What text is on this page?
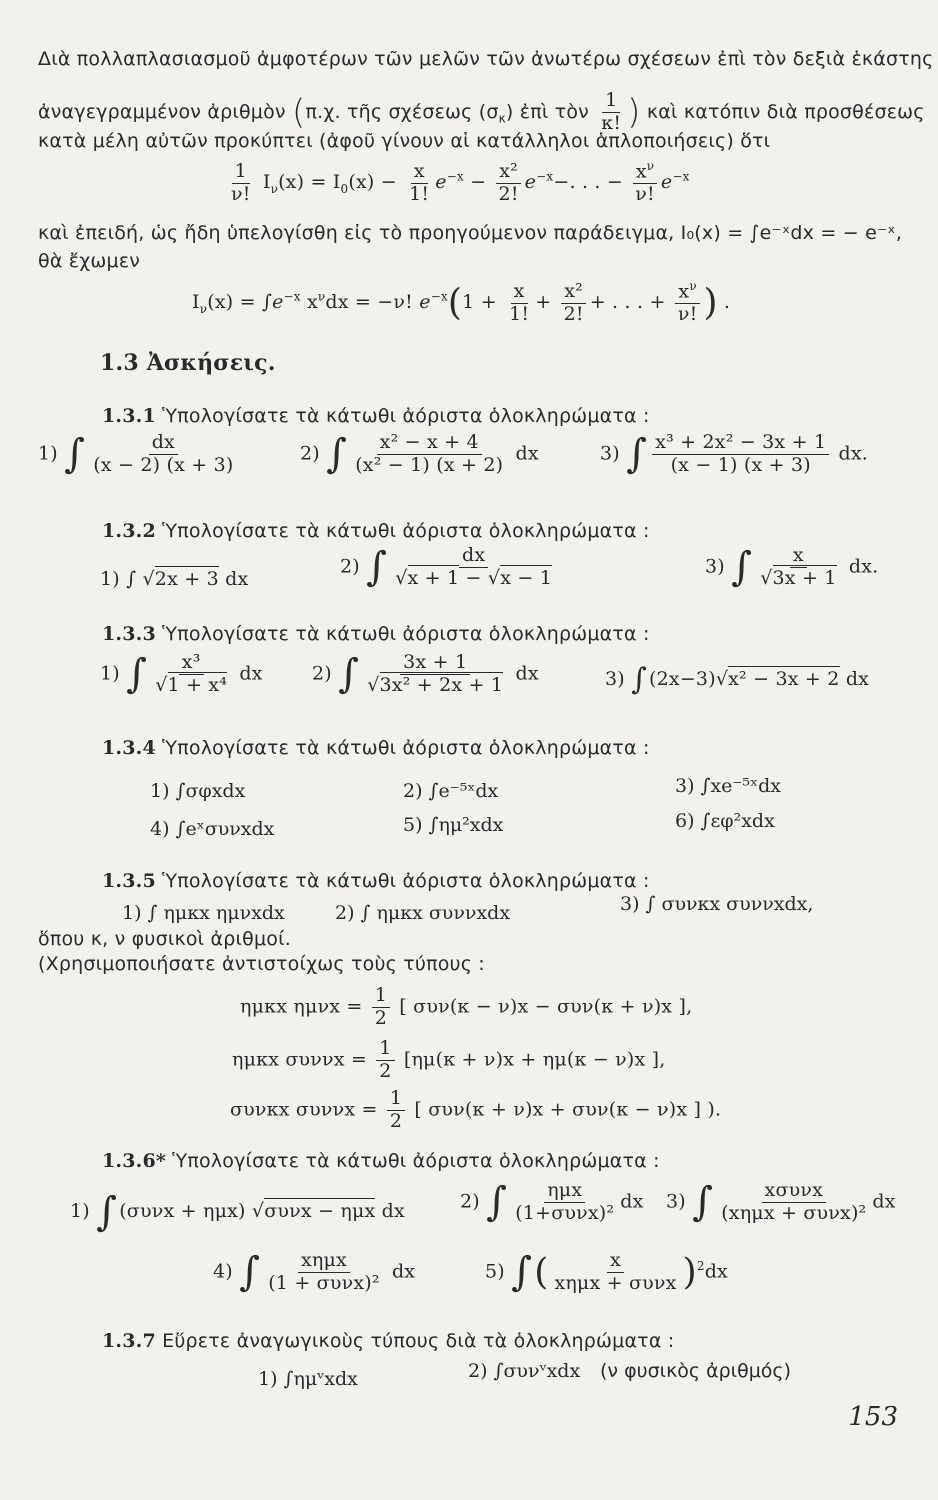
Διὰ πολλαπλασιασμοῦ ἀμφοτέρων τῶν μελῶν τῶν ἀνωτέρω σχέσεων ἐπὶ τὸν δεξιὰ ἑκάστης
ἀναγεγραμμένον ἀριθμὸν (π.χ. τῆς σχέσεως $(\sigma_\kappa)$ ἐπὶ τὸν $\frac{1}{\kappa!}$ ) καὶ κατόπιν διὰ προσθέσεως
κατὰ μέλη αὐτῶν προκύπτει (ἀφοῦ γίνουν αἱ κατάλληλοι ἁπλοποιήσεις) ὅτι
$\frac{1}{\nu!} I_\nu(x) = I_0(x) - \frac{x}{1!} e^{-x} - \frac{\text{x²}}{2!} e^{-x}-$. . . − $\frac{x^\nu}{\nu!} e^{-x}$
καὶ ἐπειδή, ὡς ἤδη ὑπελογίσθη εἰς τὸ προηγούμενον παράδειγμα, I₀(x) = ∫e⁻ˣdx = − e⁻ˣ,
θὰ ἔχωμεν
$I_\nu(x) = \int e^{-x}$ $x^\nu dx = -\nu$! $e^{-x}(1 + \frac{x}{1!} + \frac{\text{x²}}{2!}$ + . . . + $\frac{x^\nu}{\nu!}$ ) .
1.3 Ἀσκήσεις.
1.3.1 Ὑπολογίσατε τὰ κάτωθι ἀόριστα ὁλοκληρώματα :
1) ∫ $\frac{dx}{(x - 2) (x + 3)}$	2) ∫ $\frac{\text{x² − x + 4}}{\text{(x² − 1) (x + 2)}}$ dx	3) ∫ $\frac{\text{x³ + 2x² − 3x + 1}}{(x - 1) (x + 3)}$ dx.
1.3.2 Ὑπολογίσατε τὰ κάτωθι ἀόριστα ὁλοκληρώματα :
1) ∫ √2x + 3 dx
2) ∫ $\frac{dx}{√x + 1 - √x - 1}$	3) ∫ $\frac{x}{√3x + 1}$ dx.
1.3.3 Ὑπολογίσατε τὰ κάτωθι ἀόριστα ὁλοκληρώματα :
1) ∫ $\frac{\text{x³}}{\text{√1 + x⁴}}$ dx	2) ∫ $\frac{3x + 1}{\text{√3x² + 2x + 1}}$ dx	3) ∫ (2x−3)√x² − 3x + 2 dx
1.3.4 Ὑπολογίσατε τὰ κάτωθι ἀόριστα ὁλοκληρώματα :
1) ∫σφxdx	2) ∫e⁻⁵ˣdx	3) ∫xe⁻⁵ˣdx
4) ∫eˣσυνxdx	5) ∫ημ²xdx	6) ∫εφ²xdx
1.3.5 Ὑπολογίσατε τὰ κάτωθι ἀόριστα ὁλοκληρώματα :
1) ∫ ημκx ημνxdx	2) ∫ ημκx συννxdx	3) ∫ συνκx συννxdx,
ὅπου κ, ν φυσικοὶ ἀριθμοί.
(Χρησιμοποιήσατε ἀντιστοίχως τοὺς τύπους :
ημκx $\eta\mu\nu x = \frac{1}{2}$ [ συν(κ − ν)x − συν(κ + ν)x ],
ημκx $\sigma\upsilon\nu\nu x = \frac{1}{2} [\eta\mu(\kappa + \nu)x + \eta\mu(\kappa - \nu)x$ ],
συνκx $\sigma\upsilon\nu\nu x = \frac{1}{2}$ [ συν(κ + ν)x + συν(κ − ν)x ] ).
1.3.6* Ὑπολογίσατε τὰ κάτωθι ἀόριστα ὁλοκληρώματα :
1) ∫ (συνx + ημx) √συνx − ημx dx	2) ∫ $\frac{\text{ημx}}{\text{(1+συνx)²}}$ dx 3) ∫ $\frac{\text{xσυνx}}{\text{(xημx + συνx)²}}$ dx
4) ∫ $\frac{\text{xημx}}{\text{(1 + συνx)²}}$ dx	5) ∫( $\frac{x}{\text{xημx + συνx}} )^2dx$
1.3.7 Εὕρετε ἀναγωγικοὺς τύπους διὰ τὰ ὁλοκληρώματα :
1) ∫ημᵛxdx	2) ∫συνᵛxdx (ν φυσικὸς ἀριθμός)
153
